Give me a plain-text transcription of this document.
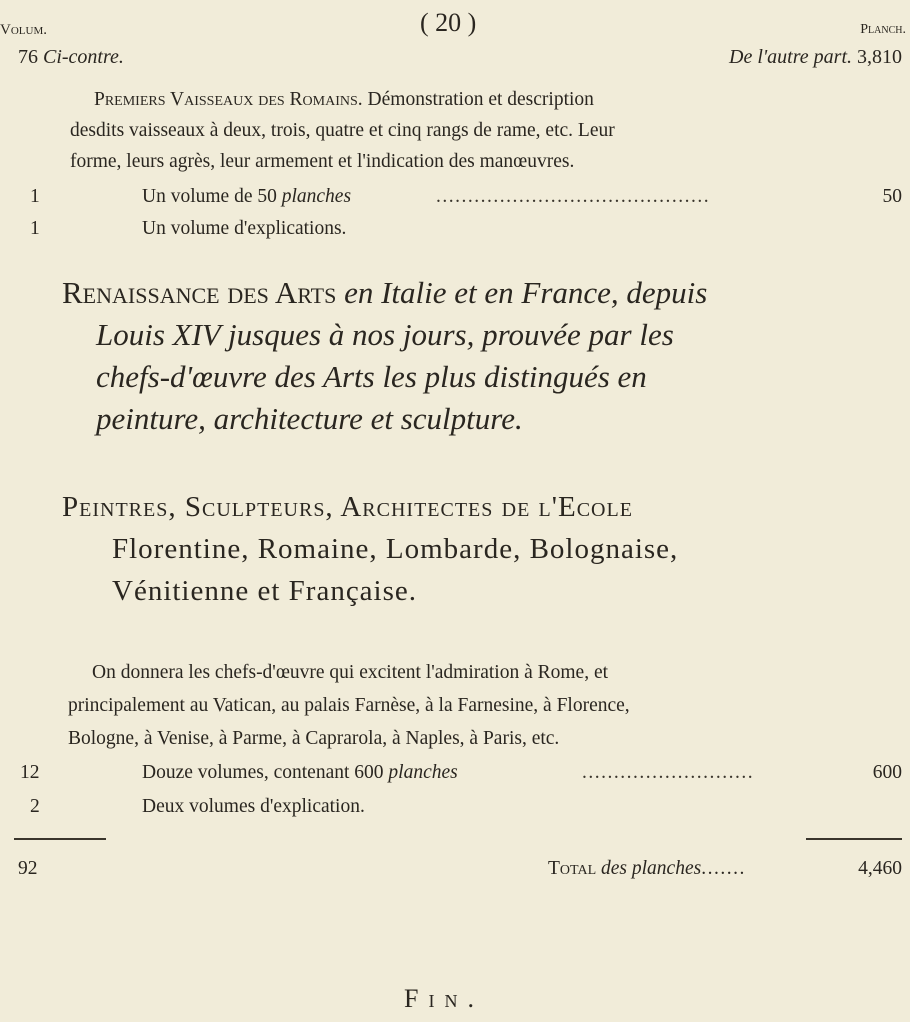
Volum.	( 20 )	Planch.
76 Ci-contre.	De l'autre part. 3,810
Premiers Vaisseaux des Romains. Démonstration et description
desdits vaisseaux à deux, trois, quatre et cinq rangs de rame, etc. Leur
forme, leurs agrès, leur armement et l'indication des manœuvres.
1	Un volume de 50 planches	...........................................	50
1	Un volume d'explications.
Renaissance des Arts en Italie et en France, depuis
Louis XIV jusques à nos jours, prouvée par les
chefs-d'œuvre des Arts les plus distingués en
peinture, architecture et sculpture.
Peintres, Sculpteurs, Architectes de l'Ecole
Florentine, Romaine, Lombarde, Bolognaise,
Vénitienne et Française.
On donnera les chefs-d'œuvre qui excitent l'admiration à Rome, et
principalement au Vatican, au palais Farnèse, à la Farnesine, à Florence,
Bologne, à Venise, à Parme, à Caprarola, à Naples, à Paris, etc.
12	Douze volumes, contenant 600 planches	...........................	600
2	Deux volumes d'explication.
92	Total des planches.......	4,460
Fin.
